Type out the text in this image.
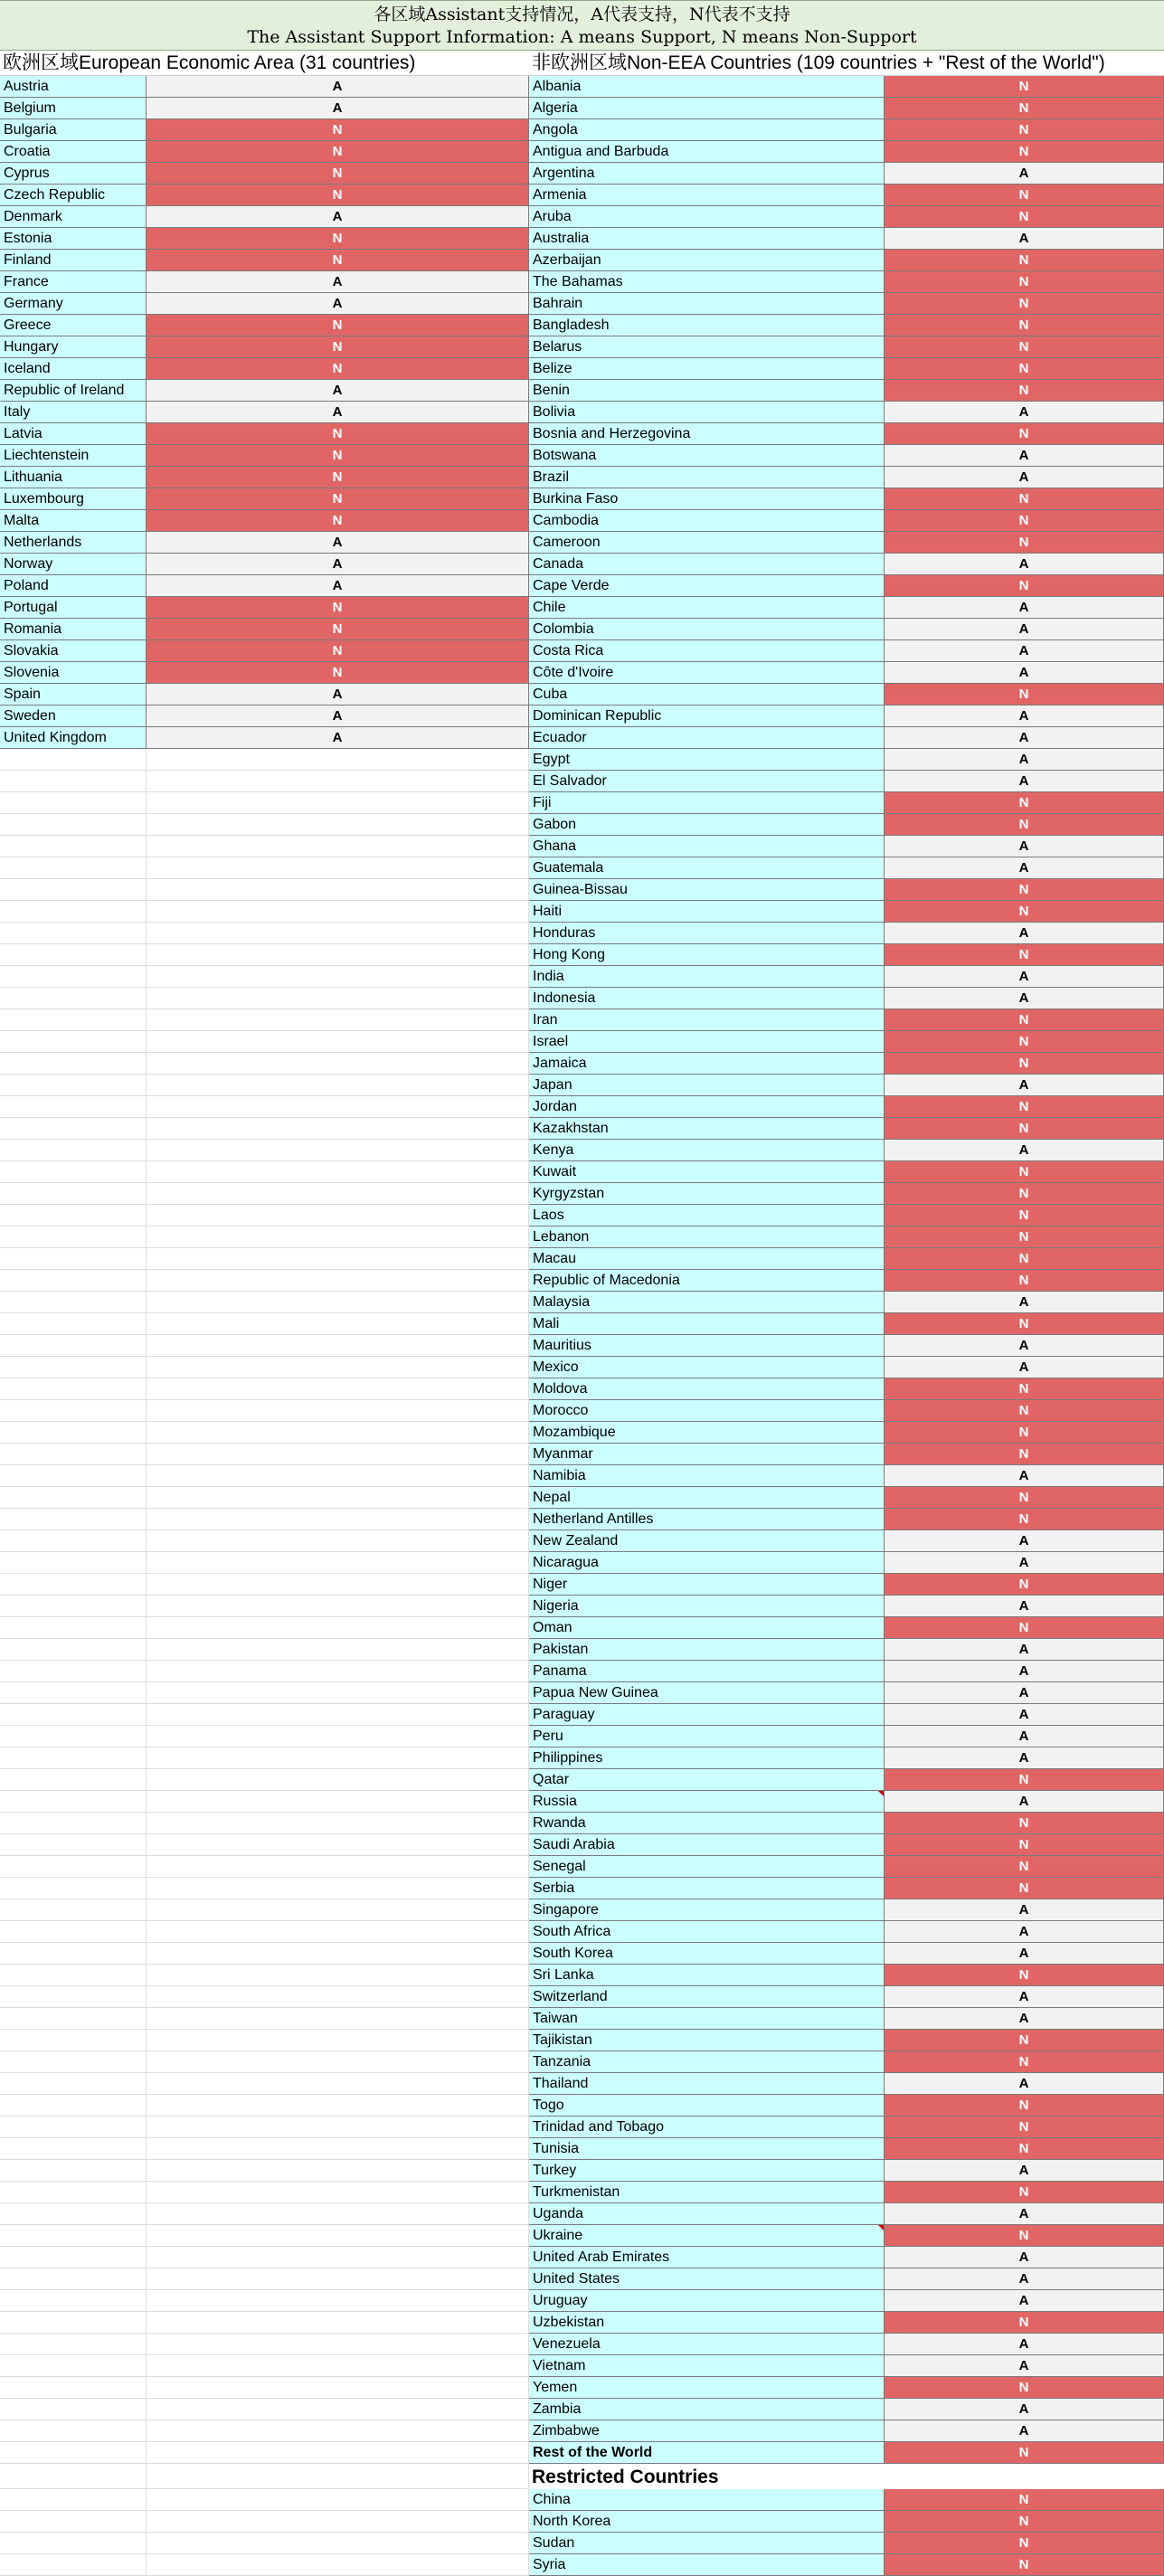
各区域Assistant支持情况，A代表支持，N代表不支持
The Assistant Support Information: A means Support, N means Non-Support
欧洲区域European Economic Area (31 countries)	非欧洲区域Non-EEA Countries (109 countries + "Rest of the World")
Austria	A	Albania	N
Belgium	A	Algeria	N
Bulgaria	N	Angola	N
Croatia	N	Antigua and Barbuda	N
Cyprus	N	Argentina	A
Czech Republic	N	Armenia	N
Denmark	A	Aruba	N
Estonia	N	Australia	A
Finland	N	Azerbaijan	N
France	A	The Bahamas	N
Germany	A	Bahrain	N
Greece	N	Bangladesh	N
Hungary	N	Belarus	N
Iceland	N	Belize	N
Republic of Ireland	A	Benin	N
Italy	A	Bolivia	A
Latvia	N	Bosnia and Herzegovina	N
Liechtenstein	N	Botswana	A
Lithuania	N	Brazil	A
Luxembourg	N	Burkina Faso	N
Malta	N	Cambodia	N
Netherlands	A	Cameroon	N
Norway	A	Canada	A
Poland	A	Cape Verde	N
Portugal	N	Chile	A
Romania	N	Colombia	A
Slovakia	N	Costa Rica	A
Slovenia	N	Côte d'Ivoire	A
Spain	A	Cuba	N
Sweden	A	Dominican Republic	A
United Kingdom	A	Ecuador	A
Egypt	A
El Salvador	A
Fiji	N
Gabon	N
Ghana	A
Guatemala	A
Guinea-Bissau	N
Haiti	N
Honduras	A
Hong Kong	N
India	A
Indonesia	A
Iran	N
Israel	N
Jamaica	N
Japan	A
Jordan	N
Kazakhstan	N
Kenya	A
Kuwait	N
Kyrgyzstan	N
Laos	N
Lebanon	N
Macau	N
Republic of Macedonia	N
Malaysia	A
Mali	N
Mauritius	A
Mexico	A
Moldova	N
Morocco	N
Mozambique	N
Myanmar	N
Namibia	A
Nepal	N
Netherland Antilles	N
New Zealand	A
Nicaragua	A
Niger	N
Nigeria	A
Oman	N
Pakistan	A
Panama	A
Papua New Guinea	A
Paraguay	A
Peru	A
Philippines	A
Qatar	N
Russia	A
Rwanda	N
Saudi Arabia	N
Senegal	N
Serbia	N
Singapore	A
South Africa	A
South Korea	A
Sri Lanka	N
Switzerland	A
Taiwan	A
Tajikistan	N
Tanzania	N
Thailand	A
Togo	N
Trinidad and Tobago	N
Tunisia	N
Turkey	A
Turkmenistan	N
Uganda	A
Ukraine	N
United Arab Emirates	A
United States	A
Uruguay	A
Uzbekistan	N
Venezuela	A
Vietnam	A
Yemen	N
Zambia	A
Zimbabwe	A
Rest of the World	N
Restricted Countries
China	N
North Korea	N
Sudan	N
Syria	N
